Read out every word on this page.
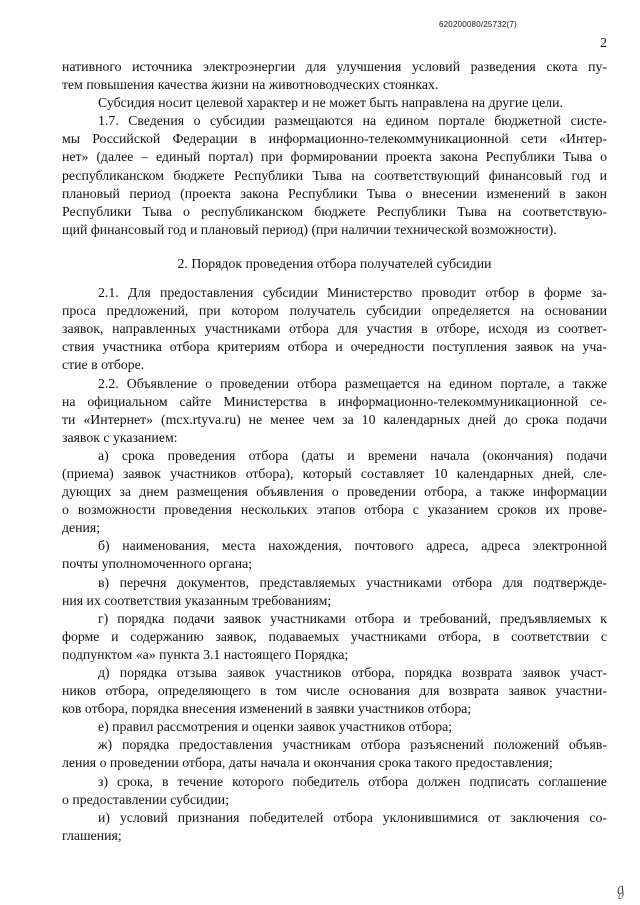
620200080/25732(7)
2

нативного источника электроэнергии для улучшения условий разведения скота пу-
тем повышения качества жизни на животноводческих стоянках.

Субсидия носит целевой характер и не может быть направлена на другие цели.

1.7. Сведения о субсидии размещаются на едином портале бюджетной систе-
мы Российской Федерации в информационно-телекоммуникационной сети «Интер-
нет» (далее – единый портал) при формировании проекта закона Республики Тыва о
республиканском бюджете Республики Тыва на соответствующий финансовый год и
плановый период (проекта закона Республики Тыва о внесении изменений в закон
Республики Тыва о республиканском бюджете Республики Тыва на соответствую-
щий финансовый год и плановый период) (при наличии технической возможности).

2. Порядок проведения отбора получателей субсидии

2.1. Для предоставления субсидии Министерство проводит отбор в форме за-
проса предложений, при котором получатель субсидии определяется на основании
заявок, направленных участниками отбора для участия в отборе, исходя из соответ-
ствия участника отбора критериям отбора и очередности поступления заявок на уча-
стие в отборе.

2.2. Объявление о проведении отбора размещается на едином портале, а также
на официальном сайте Министерства в информационно-телекоммуникационной се-
ти «Интернет» (mcx.rtyva.ru) не менее чем за 10 календарных дней до срока подачи
заявок с указанием:

а) срока проведения отбора (даты и времени начала (окончания) подачи
(приема) заявок участников отбора), который составляет 10 календарных дней, сле-
дующих за днем размещения объявления о проведении отбора, а также информации
о возможности проведения нескольких этапов отбора с указанием сроков их прове-
дения;

б) наименования, места нахождения, почтового адреса, адреса электронной
почты уполномоченного органа;

в) перечня документов, представляемых участниками отбора для подтвержде-
ния их соответствия указанным требованиям;

г) порядка подачи заявок участниками отбора и требований, предъявляемых к
форме и содержанию заявок, подаваемых участниками отбора, в соответствии с
подпунктом «а» пункта 3.1 настоящего Порядка;

д) порядка отзыва заявок участников отбора, порядка возврата заявок участ-
ников отбора, определяющего в том числе основания для возврата заявок участни-
ков отбора, порядка внесения изменений в заявки участников отбора;

е) правил рассмотрения и оценки заявок участников отбора;

ж) порядка предоставления участникам отбора разъяснений положений объяв-
ления о проведении отбора, даты начала и окончания срока такого предоставления;

з) срока, в течение которого победитель отбора должен подписать соглашение
о предоставлении субсидии;

и) условий признания победителей отбора уклонившимися от заключения со-
глашения;

ℊ
